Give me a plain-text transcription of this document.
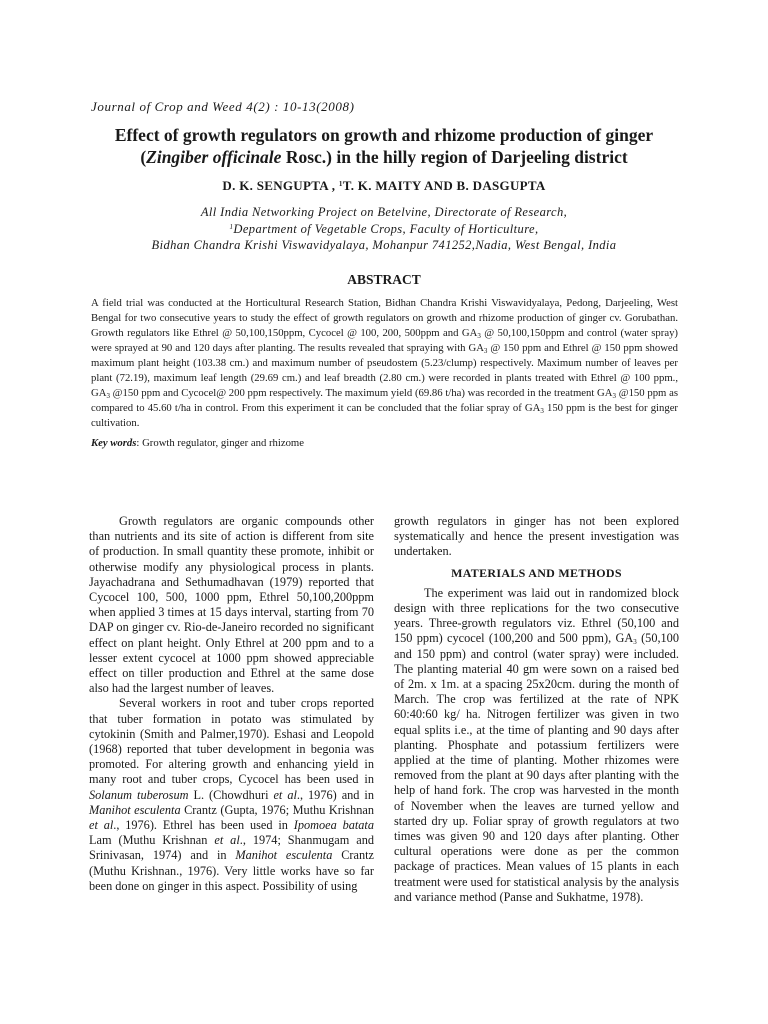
Journal of Crop and Weed 4(2) : 10-13(2008)
Effect of growth regulators on growth and rhizome production of ginger
(Zingiber officinale Rosc.) in the hilly region of Darjeeling district
D. K. SENGUPTA , $^1$T. K. MAITY AND B. DASGUPTA
All India Networking Project on Betelvine, Directorate of Research,
$^1$Department of Vegetable Crops, Faculty of Horticulture,
Bidhan Chandra Krishi Viswavidyalaya, Mohanpur 741252,Nadia, West Bengal, India
ABSTRACT

A field trial was conducted at the Horticultural Research Station, Bidhan Chandra Krishi Viswavidyalaya, Pedong, Darjeeling, West Bengal for two consecutive years to study the effect of growth regulators on growth and rhizome production of ginger cv. Gorubathan. Growth regulators like Ethrel @ 50,100,150ppm, Cycocel @ 100, 200, 500ppm and $GA_3$ @ 50,100,150ppm and control (water spray) were sprayed at 90 and 120 days after planting. The results revealed that spraying with $GA_3$ @ 150 ppm and Ethrel @ 150 ppm showed maximum plant height (103.38 cm.) and maximum number of pseudostem (5.23/clump) respectively. Maximum number of leaves per plant (72.19), maximum leaf length (29.69 cm.) and leaf breadth (2.80 cm.) were recorded in plants treated with Ethrel @ 100 ppm., $GA_3$ @150 ppm and Cycocel@ 200 ppm respectively. The maximum yield (69.86 t/ha) was recorded in the treatment $GA_3$ @150 ppm as compared to 45.60 t/ha in control. From this experiment it can be concluded that the foliar spray of $GA_3$ 150 ppm is the best for ginger cultivation.

Key words: Growth regulator, ginger and rhizome

Growth regulators are organic compounds other than nutrients and its site of action is different from site of production. In small quantity these promote, inhibit or otherwise modify any physiological process in plants. Jayachadrana and Sethumadhavan (1979) reported that Cycocel 100, 500, 1000 ppm, Ethrel 50,100,200ppm when applied 3 times at 15 days interval, starting from 70 DAP on ginger cv. Rio-de-Janeiro recorded no significant effect on plant height. Only Ethrel at 200 ppm and to a lesser extent cycocel at 1000 ppm showed appreciable effect on tiller production and Ethrel at the same dose also had the largest number of leaves.

Several workers in root and tuber crops reported that tuber formation in potato was stimulated by cytokinin (Smith and Palmer,1970). Eshasi and Leopold (1968) reported that tuber development in begonia was promoted. For altering growth and enhancing yield in many root and tuber crops, Cycocel has been used in Solanum tuberosum L. (Chowdhuri et al., 1976) and in Manihot esculenta Crantz (Gupta, 1976; Muthu Krishnan et al., 1976). Ethrel has been used in Ipomoea batata Lam (Muthu Krishnan et al., 1974; Shanmugam and Srinivasan, 1974) and in Manihot esculenta Crantz (Muthu Krishnan., 1976). Very little works have so far been done on ginger in this aspect. Possibility of using

growth regulators in ginger has not been explored systematically and hence the present investigation was undertaken.

MATERIALS AND METHODS

The experiment was laid out in randomized block design with three replications for the two consecutive years. Three-growth regulators viz. Ethrel (50,100 and 150 ppm) cycocel (100,200 and 500 ppm), $GA_3$ (50,100 and 150 ppm) and control (water spray) were included. The planting material 40 gm were sown on a raised bed of 2m. x 1m. at a spacing 25x20cm. during the month of March. The crop was fertilized at the rate of NPK 60:40:60 kg/ ha. Nitrogen fertilizer was given in two equal splits i.e., at the time of planting and 90 days after planting. Phosphate and potassium fertilizers were applied at the time of planting. Mother rhizomes were removed from the plant at 90 days after planting with the help of hand fork. The crop was harvested in the month of November when the leaves are turned yellow and started dry up. Foliar spray of growth regulators at two times was given 90 and 120 days after planting. Other cultural operations were done as per the common package of practices. Mean values of 15 plants in each treatment were used for statistical analysis by the analysis and variance method (Panse and Sukhatme, 1978).
